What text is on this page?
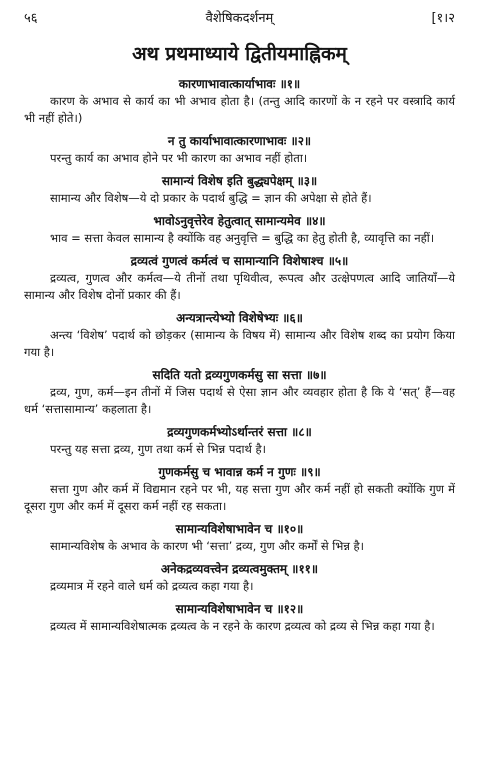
५६	वैशेषिकदर्शनम्	[१।२
अथ प्रथमाध्याये द्वितीयमाह्निकम्
कारणाभावात्कार्याभावः ॥१॥
कारण के अभाव से कार्य का भी अभाव होता है। (तन्तु आदि कारणों के न रहने पर वस्त्रादि कार्य भी नहीं होते।)
न तु कार्याभावात्कारणाभावः ॥२॥
परन्तु कार्य का अभाव होने पर भी कारण का अभाव नहीं होता।
सामान्यं विशेष इति बुद्ध्यपेक्षम् ॥३॥
सामान्य और विशेष—ये दो प्रकार के पदार्थ बुद्धि = ज्ञान की अपेक्षा से होते हैं।
भावोऽनुवृत्तेरेव हेतुत्वात् सामान्यमेव ॥४॥
भाव = सत्ता केवल सामान्य है क्योंकि वह अनुवृत्ति = बुद्धि का हेतु होती है, व्यावृत्ति का नहीं।
द्रव्यत्वं गुणत्वं कर्मत्वं च सामान्यानि विशेषाश्च ॥५॥
द्रव्यत्व, गुणत्व और कर्मत्व—ये तीनों तथा पृथिवीत्व, रूपत्व और उत्क्षेपणत्व आदि जातियाँ—ये सामान्य और विशेष दोनों प्रकार की हैं।
अन्यत्रान्त्येभ्यो विशेषेभ्यः ॥६॥
अन्त्य ‘विशेष’ पदार्थ को छोड़कर (सामान्य के विषय में) सामान्य और विशेष शब्द का प्रयोग किया गया है।
सदिति यतो द्रव्यगुणकर्मसु सा सत्ता ॥७॥
द्रव्य, गुण, कर्म—इन तीनों में जिस पदार्थ से ऐसा ज्ञान और व्यवहार होता है कि ये ‘सत्’ हैं—वह धर्म ‘सत्तासामान्य’ कहलाता है।
द्रव्यगुणकर्मभ्योऽर्थान्तरं सत्ता ॥८॥
परन्तु यह सत्ता द्रव्य, गुण तथा कर्म से भिन्न पदार्थ है।
गुणकर्मसु च भावान्न कर्म न गुणः ॥९॥
सत्ता गुण और कर्म में विद्यमान रहने पर भी, यह सत्ता गुण और कर्म नहीं हो सकती क्योंकि गुण में दूसरा गुण और कर्म में दूसरा कर्म नहीं रह सकता।
सामान्यविशेषाभावेन च ॥१०॥
सामान्यविशेष के अभाव के कारण भी ‘सत्ता’ द्रव्य, गुण और कर्मों से भिन्न है।
अनेकद्रव्यवत्त्वेन द्रव्यत्वमुक्तम् ॥११॥
द्रव्यमात्र में रहने वाले धर्म को द्रव्यत्व कहा गया है।
सामान्यविशेषाभावेन च ॥१२॥
द्रव्यत्व में सामान्यविशेषात्मक द्रव्यत्व के न रहने के कारण द्रव्यत्व को द्रव्य से भिन्न कहा गया है।
